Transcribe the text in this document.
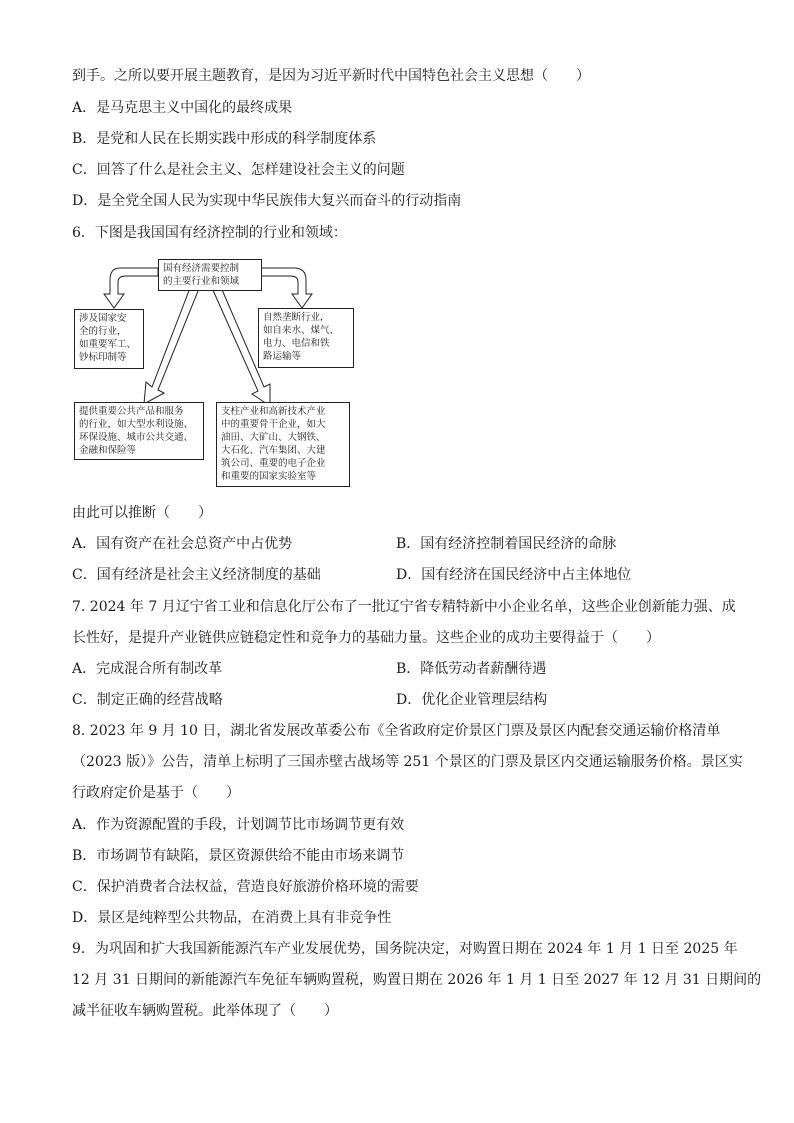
到手。之所以要开展主题教育，是因为习近平新时代中国特色社会主义思想（　　）
A．是马克思主义中国化的最终成果
B．是党和人民在长期实践中形成的科学制度体系
C．回答了什么是社会主义、怎样建设社会主义的问题
D．是全党全国人民为实现中华民族伟大复兴而奋斗的行动指南
6．下图是我国国有经济控制的行业和领域：
国有经济需要控制
的主要行业和领域
涉及国家安
全的行业，
如重要军工、
钞标印制等
自然垄断行业，
如自来水、煤气、
电力、电信和铁
路运输等
提供重要公共产品和服务
的行业，如大型水利设施、
环保设施、城市公共交通、
金融和保险等
支柱产业和高新技术产业
中的重要骨干企业，如大
油田、大矿山、大钢铁、
大石化、汽车集团、大建
筑公司、重要的电子企业
和重要的国家实验室等
由此可以推断（　　）
A．国有资产在社会总资产中占优势	B．国有经济控制着国民经济的命脉
C．国有经济是社会主义经济制度的基础	D．国有经济在国民经济中占主体地位
7. 2024 年 7 月辽宁省工业和信息化厅公布了一批辽宁省专精特新中小企业名单，这些企业创新能力强、成
长性好，是提升产业链供应链稳定性和竞争力的基础力量。这些企业的成功主要得益于（　　）
A．完成混合所有制改革	B．降低劳动者薪酬待遇
C．制定正确的经营战略	D．优化企业管理层结构
8. 2023 年 9 月 10 日，湖北省发展改革委公布《全省政府定价景区门票及景区内配套交通运输价格清单
（2023 版）》公告，清单上标明了三国赤壁古战场等 251 个景区的门票及景区内交通运输服务价格。景区实
行政府定价是基于（　　）
A．作为资源配置的手段，计划调节比市场调节更有效
B．市场调节有缺陷，景区资源供给不能由市场来调节
C．保护消费者合法权益，营造良好旅游价格环境的需要
D．景区是纯粹型公共物品，在消费上具有非竞争性
9．为巩固和扩大我国新能源汽车产业发展优势，国务院决定，对购置日期在 2024 年 1 月 1 日至 2025 年
12 月 31 日期间的新能源汽车免征车辆购置税，购置日期在 2026 年 1 月 1 日至 2027 年 12 月 31 日期间的
减半征收车辆购置税。此举体现了（　　）
